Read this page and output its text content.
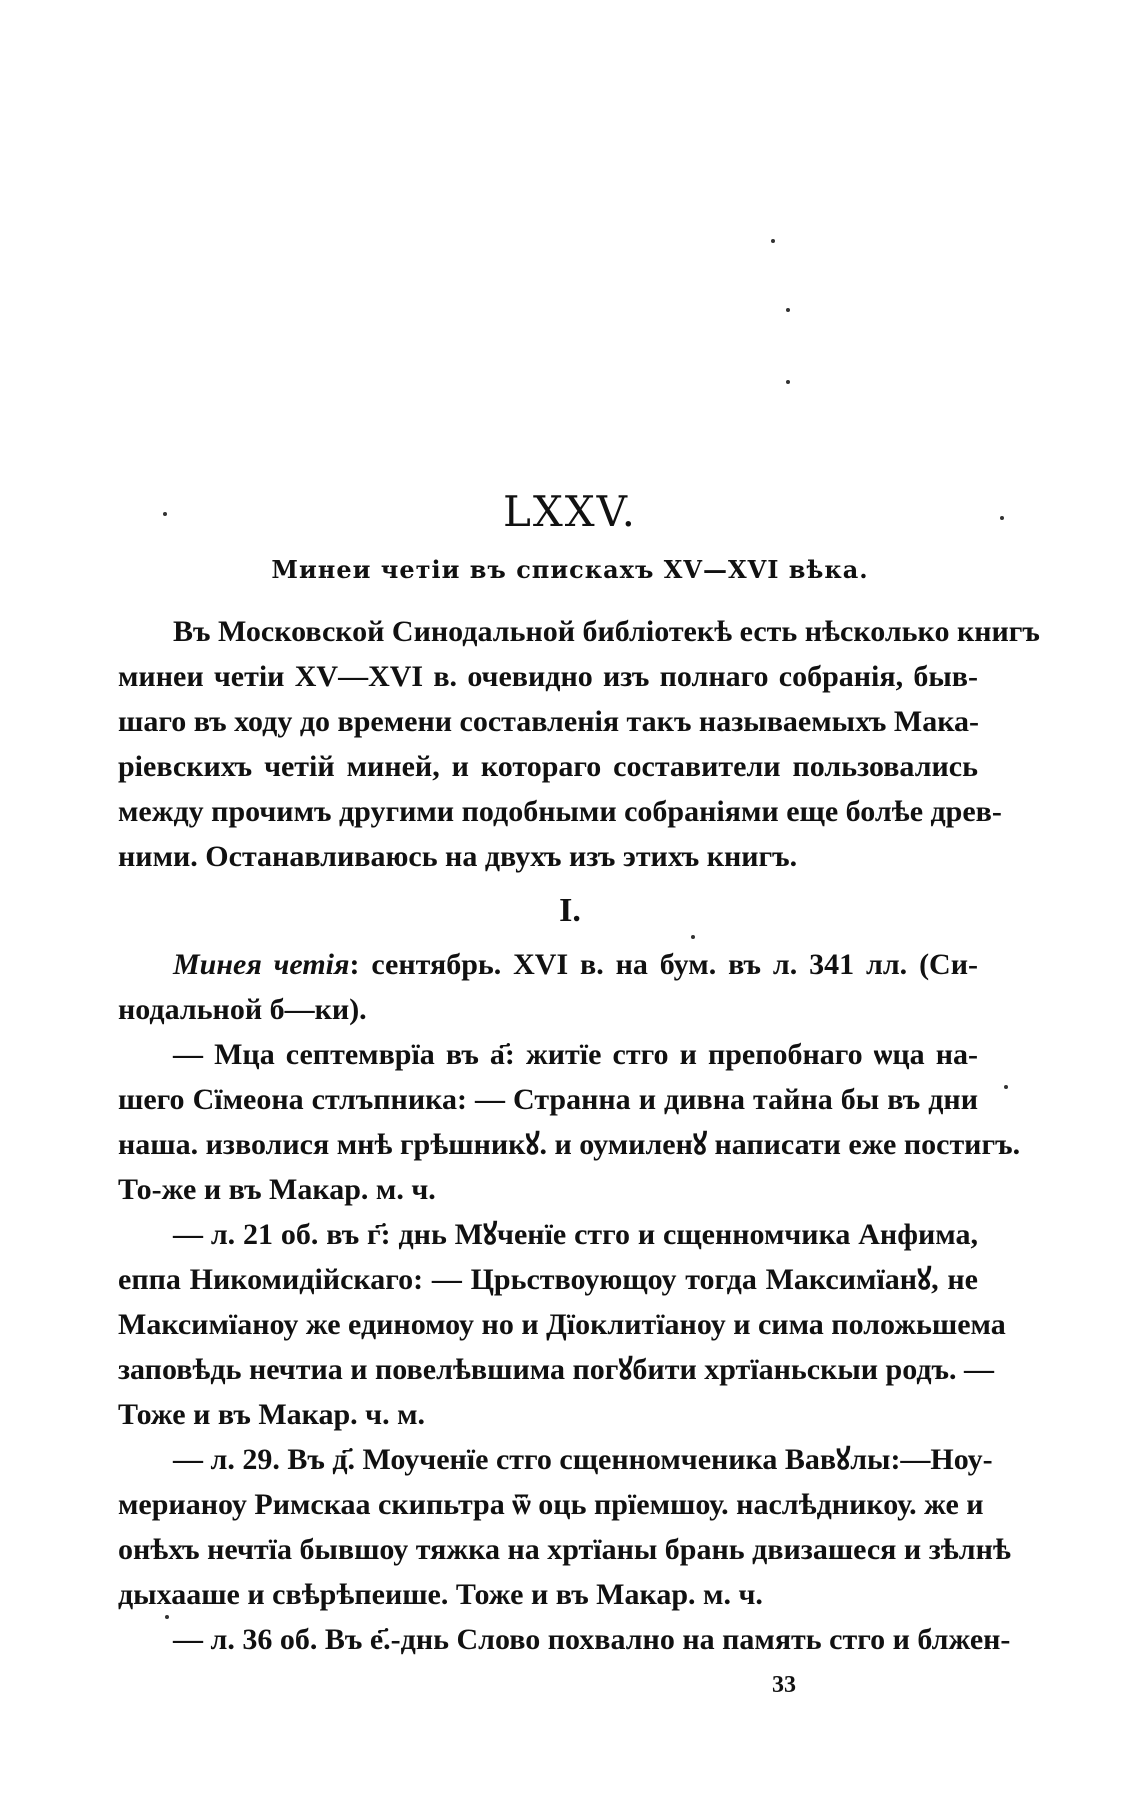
LXXV.
Минеи четіи въ спискахъ XV—XVI вѣка.
Въ Московской Синодальной библіотекѣ есть нѣсколько книгъ
минеи четіи XV—XVI в. очевидно изъ полнаго собранія, быв-
шаго въ ходу до времени составленія такъ называемыхъ Мака-
ріевскихъ четій миней, и котораго составители пользовались
между прочимъ другими подобными собраніями еще болѣе древ-
ними. Останавливаюсь на двухъ изъ этихъ книгъ.
I.
Минея четія: сентябрь. XVI в. на бум. въ л. 341 лл. (Си-
нодальной б—ки).
— Мца септемврїа въ а҃: житїе стго и препобнаго ѡца на-
шего Сїмеона стлъпника: — Странна и дивна тайна бы въ дни
наша. изволися мнѣ грѣшникꙋ. и оумиленꙋ написати еже постигъ.
То-же и въ Макар. м. ч.
— л. 21 об. въ г҃: днь Мꙋченїе стго и сщенномчика Анфима,
еппа Никомидійскаго: — Црьствоующоу тогда Максимїанꙋ, не
Максимїаноу же единомоу но и Дїоклитїаноу и сима положьшема
заповѣдь нечтиа и повелѣвшима погꙋбити хртїаньскыи родъ. —
Тоже и въ Макар. ч. м.
— л. 29. Въ д҃. Моученїе стго сщенномченика Вавꙋлы:—Ноу-
мерианоу Римскаа скипьтра ѿ оць прїемшоу. наслѣдникоу. же и
онѣхъ нечтїа бывшоу тяжка на хртїаны брань двизашеся и зѣлнѣ
дыхааше и свѣрѣпеише. Тоже и въ Макар. м. ч.
— л. 36 об. Въ е҃.-днь Слово похвално на память стго и блжен-
33
